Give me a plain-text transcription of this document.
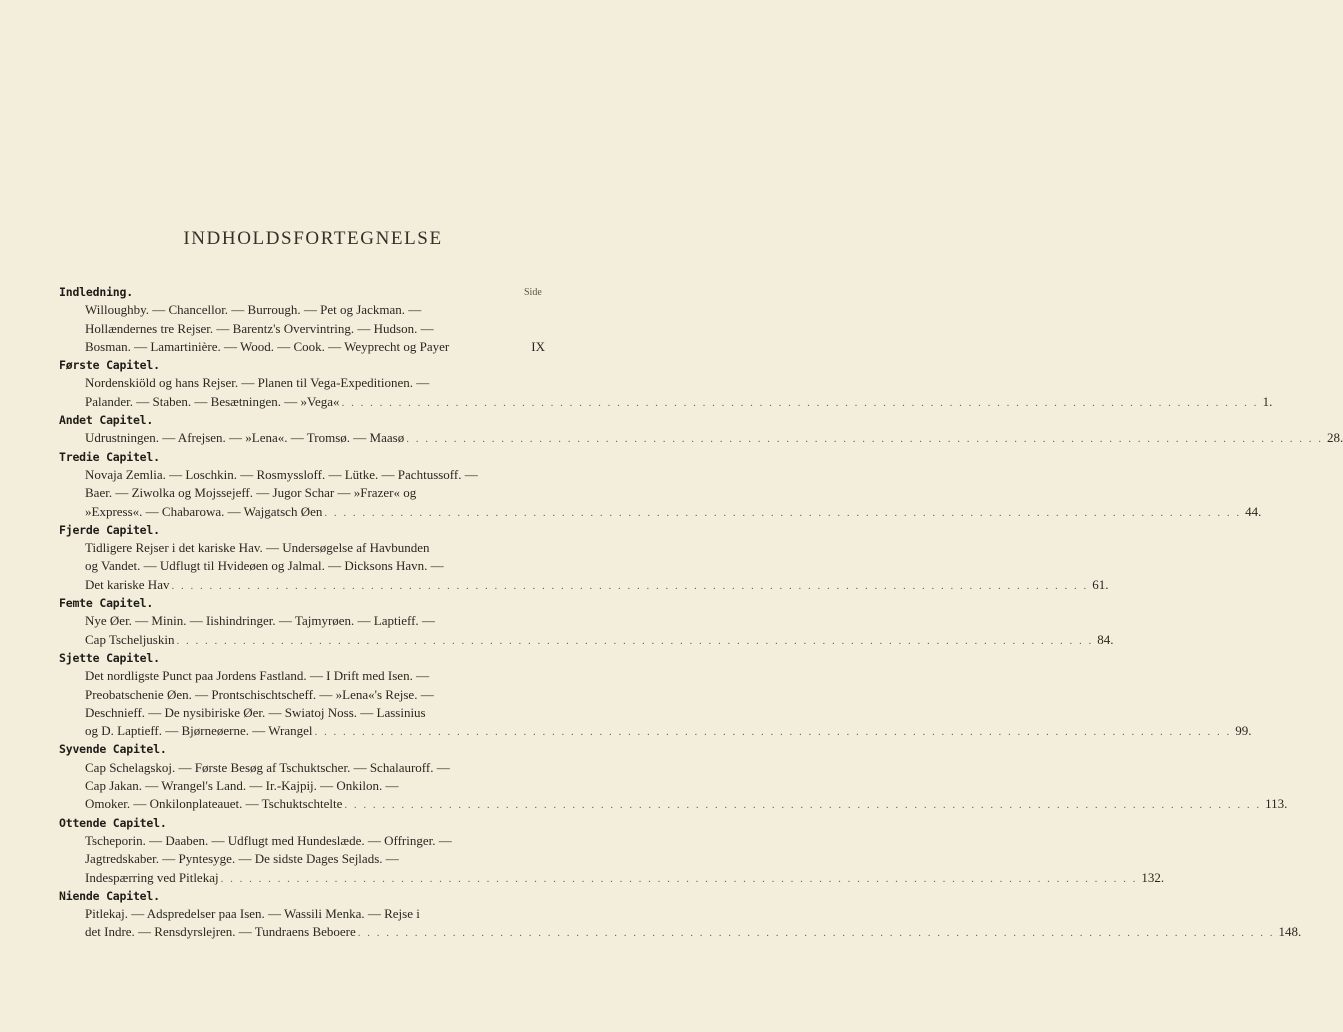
INDHOLDSFORTEGNELSE
Side
Indledning.
Willoughby. — Chancellor. — Burrough. — Pet og Jackman. —
Hollændernes tre Rejser. — Barentz's Overvintring. — Hudson. —
Bosman. — Lamartinière. — Wood. — Cook. — Weyprecht og Payer	IX
Første Capitel.
Nordenskiöld og hans Rejser. — Planen til Vega-Expeditionen. —
Palander. — Staben. — Besætningen. — »Vega« . . .	1.
Andet Capitel.
Udrustningen. — Afrejsen. — »Lena«. — Tromsø. — Maasø . . .	28.
Tredie Capitel.
Novaja Zemlia. — Loschkin. — Rosmyssloff. — Lütke. — Pachtussoff. —
Baer. — Ziwolka og Mojssejeff. — Jugor Schar — »Frazer« og
»Express«. — Chabarowa. — Wajgatsch Øen . . .	44.
Fjerde Capitel.
Tidligere Rejser i det kariske Hav. — Undersøgelse af Havbunden
og Vandet. — Udflugt til Hvideøen og Jalmal. — Dicksons Havn. —
Det kariske Hav . . .	61.
Femte Capitel.
Nye Øer. — Minin. — Iishindringer. — Tajmyrøen. — Laptieff. —
Cap Tscheljuskin . . .	84.
Sjette Capitel.
Det nordligste Punct paa Jordens Fastland. — I Drift med Isen. —
Preobatschenie Øen. — Prontschischtscheff. — »Lena«'s Rejse. —
Deschnieff. — De nysibiriske Øer. — Swiatoj Noss. — Lassinius
og D. Laptieff. — Bjørneøerne. — Wrangel . . .	99.
Syvende Capitel.
Cap Schelagskoj. — Første Besøg af Tschuktscher. — Schalauroff. —
Cap Jakan. — Wrangel's Land. — Ir.-Kajpij. — Onkilon. —
Omoker. — Onkilonplateauet. — Tschuktschtelte . . .	113.
Ottende Capitel.
Tscheporin. — Daaben. — Udflugt med Hundeslæde. — Offringer. —
Jagtredskaber. — Pyntesyge. — De sidste Dages Sejlads. —
Indespærring ved Pitlekaj . . .	132.
Niende Capitel.
Pitlekaj. — Adspredelser paa Isen. — Wassili Menka. — Rejse i
det Indre. — Rensdyrslejren. — Tundraens Beboere . . .	148.
